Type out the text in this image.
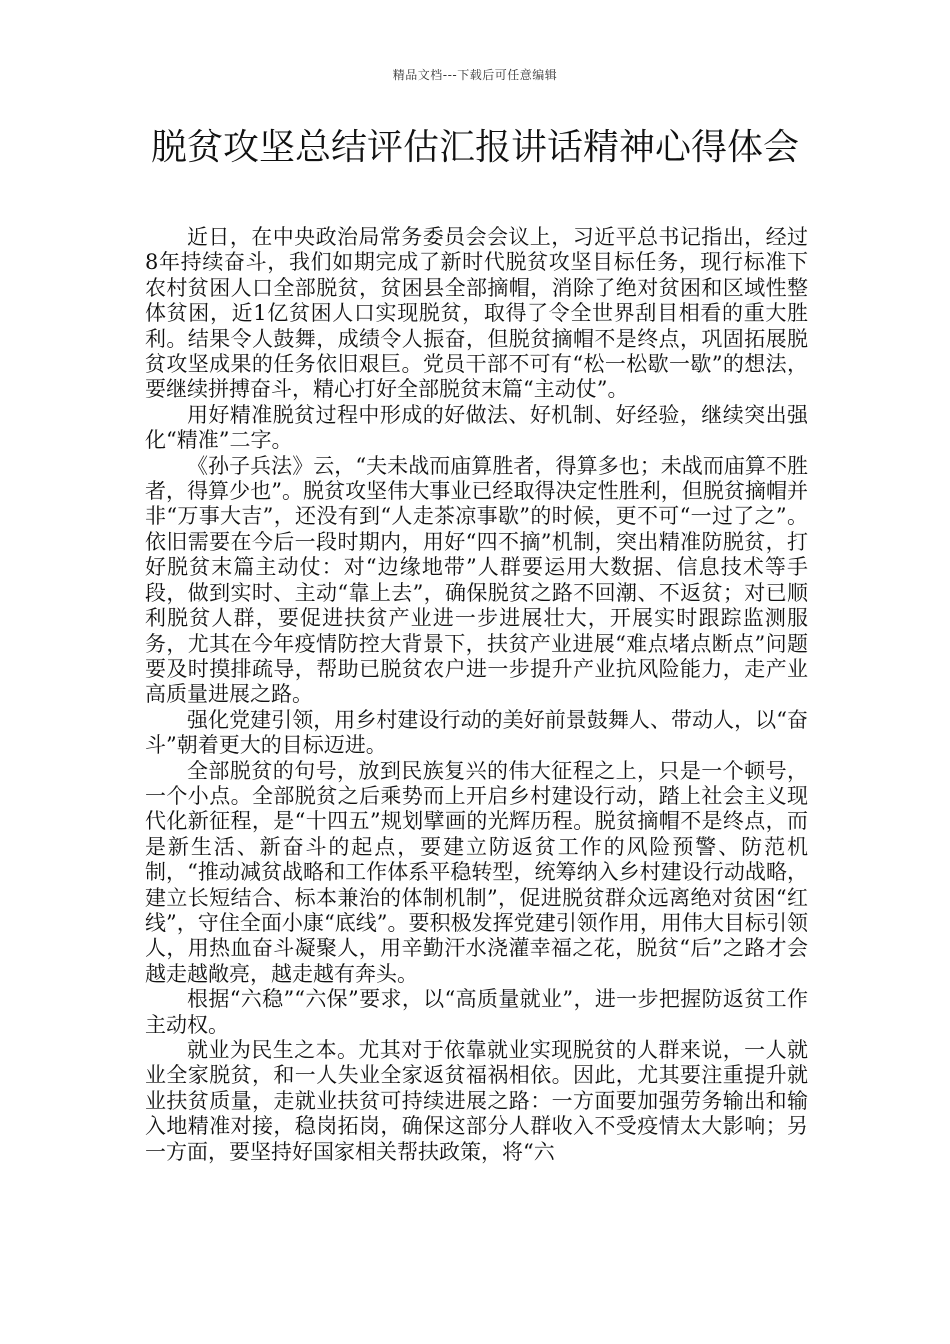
精品文档---下载后可任意编辑
脱贫攻坚总结评估汇报讲话精神心得体会

近日，在中央政治局常务委员会会议上，习近平总书记指出，经过8年持续奋斗，我们如期完成了新时代脱贫攻坚目标任务，现行标准下农村贫困人口全部脱贫，贫困县全部摘帽，消除了绝对贫困和区域性整体贫困，近1亿贫困人口实现脱贫，取得了令全世界刮目相看的重大胜利。结果令人鼓舞，成绩令人振奋，但脱贫摘帽不是终点，巩固拓展脱贫攻坚成果的任务依旧艰巨。党员干部不可有“松一松歇一歇”的想法，要继续拼搏奋斗，精心打好全部脱贫末篇“主动仗”。

用好精准脱贫过程中形成的好做法、好机制、好经验，继续突出强化“精准”二字。

《孙子兵法》云，“夫未战而庙算胜者，得算多也；未战而庙算不胜者，得算少也”。脱贫攻坚伟大事业已经取得决定性胜利，但脱贫摘帽并非“万事大吉”，还没有到“人走茶凉事歇”的时候，更不可“一过了之”。依旧需要在今后一段时期内，用好“四不摘”机制，突出精准防脱贫，打好脱贫末篇主动仗：对“边缘地带”人群要运用大数据、信息技术等手段，做到实时、主动“靠上去”，确保脱贫之路不回潮、不返贫；对已顺利脱贫人群，要促进扶贫产业进一步进展壮大，开展实时跟踪监测服务，尤其在今年疫情防控大背景下，扶贫产业进展“难点堵点断点”问题要及时摸排疏导，帮助已脱贫农户进一步提升产业抗风险能力，走产业高质量进展之路。

强化党建引领，用乡村建设行动的美好前景鼓舞人、带动人，以“奋斗”朝着更大的目标迈进。

全部脱贫的句号，放到民族复兴的伟大征程之上，只是一个顿号，一个小点。全部脱贫之后乘势而上开启乡村建设行动，踏上社会主义现代化新征程，是“十四五”规划擘画的光辉历程。脱贫摘帽不是终点，而是新生活、新奋斗的起点，要建立防返贫工作的风险预警、防范机制，“推动减贫战略和工作体系平稳转型，统筹纳入乡村建设行动战略，建立长短结合、标本兼治的体制机制”，促进脱贫群众远离绝对贫困“红线”，守住全面小康“底线”。要积极发挥党建引领作用，用伟大目标引领人，用热血奋斗凝聚人，用辛勤汗水浇灌幸福之花，脱贫“后”之路才会越走越敞亮，越走越有奔头。

根据“六稳”“六保”要求，以“高质量就业”，进一步把握防返贫工作主动权。

就业为民生之本。尤其对于依靠就业实现脱贫的人群来说，一人就业全家脱贫，和一人失业全家返贫福祸相依。因此，尤其要注重提升就业扶贫质量，走就业扶贫可持续进展之路：一方面要加强劳务输出和输入地精准对接，稳岗拓岗，确保这部分人群收入不受疫情太大影响；另一方面，要坚持好国家相关帮扶政策，将“六
